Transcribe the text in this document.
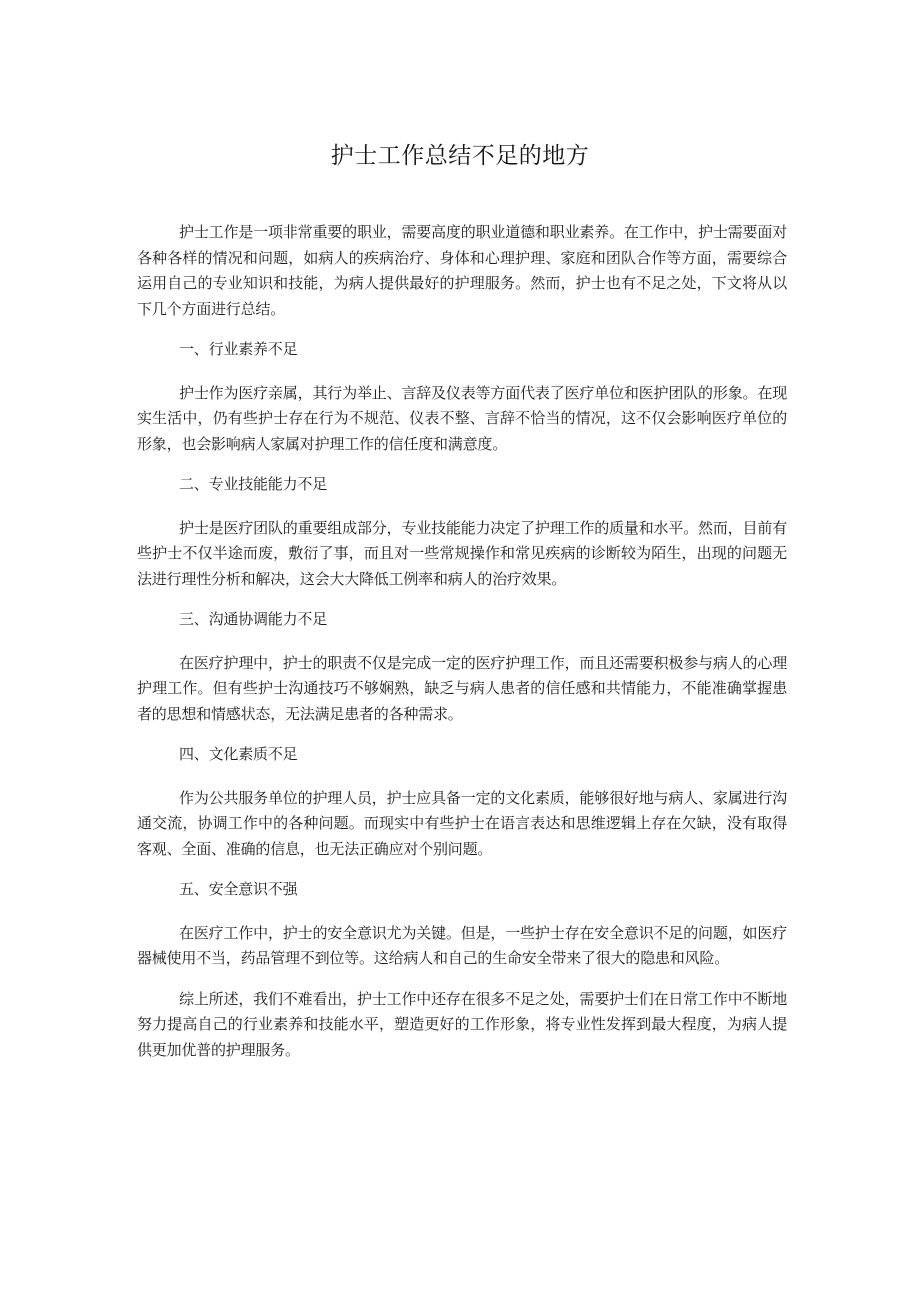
护士工作总结不足的地方

护士工作是一项非常重要的职业，需要高度的职业道德和职业素养。在工作中，护士需要面对各种各样的情况和问题，如病人的疾病治疗、身体和心理护理、家庭和团队合作等方面，需要综合运用自己的专业知识和技能，为病人提供最好的护理服务。然而，护士也有不足之处，下文将从以下几个方面进行总结。

一、行业素养不足

护士作为医疗亲属，其行为举止、言辞及仪表等方面代表了医疗单位和医护团队的形象。在现实生活中，仍有些护士存在行为不规范、仪表不整、言辞不恰当的情况，这不仅会影响医疗单位的形象，也会影响病人家属对护理工作的信任度和满意度。

二、专业技能能力不足

护士是医疗团队的重要组成部分，专业技能能力决定了护理工作的质量和水平。然而，目前有些护士不仅半途而废，敷衍了事，而且对一些常规操作和常见疾病的诊断较为陌生，出现的问题无法进行理性分析和解决，这会大大降低工例率和病人的治疗效果。

三、沟通协调能力不足

在医疗护理中，护士的职责不仅是完成一定的医疗护理工作，而且还需要积极参与病人的心理护理工作。但有些护士沟通技巧不够娴熟，缺乏与病人患者的信任感和共情能力，不能准确掌握患者的思想和情感状态，无法满足患者的各种需求。

四、文化素质不足

作为公共服务单位的护理人员，护士应具备一定的文化素质，能够很好地与病人、家属进行沟通交流，协调工作中的各种问题。而现实中有些护士在语言表达和思维逻辑上存在欠缺，没有取得客观、全面、准确的信息，也无法正确应对个别问题。

五、安全意识不强

在医疗工作中，护士的安全意识尤为关键。但是，一些护士存在安全意识不足的问题，如医疗器械使用不当，药品管理不到位等。这给病人和自己的生命安全带来了很大的隐患和风险。

综上所述，我们不难看出，护士工作中还存在很多不足之处，需要护士们在日常工作中不断地努力提高自己的行业素养和技能水平，塑造更好的工作形象，将专业性发挥到最大程度，为病人提供更加优普的护理服务。
